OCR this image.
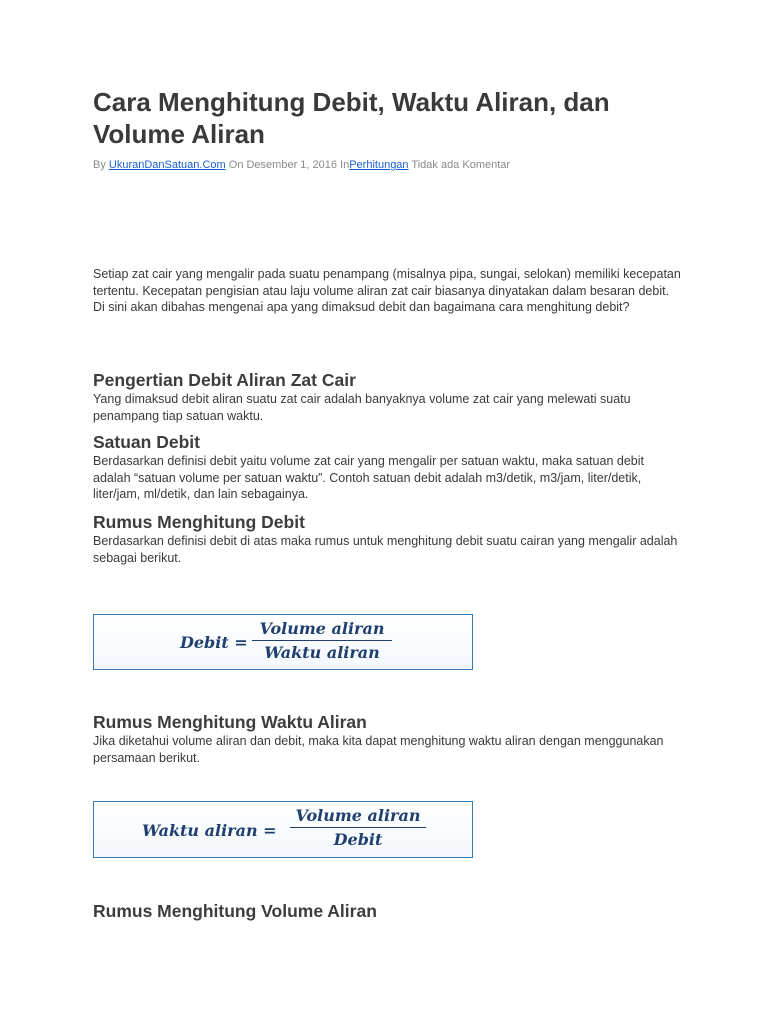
Cara Menghitung Debit, Waktu Aliran, dan Volume Aliran
By UkuranDanSatuan.Com On Desember 1, 2016 InPerhitungan Tidak ada Komentar

Setiap zat cair yang mengalir pada suatu penampang (misalnya pipa, sungai, selokan) memiliki kecepatan tertentu. Kecepatan pengisian atau laju volume aliran zat cair biasanya dinyatakan dalam besaran debit. Di sini akan dibahas mengenai apa yang dimaksud debit dan bagaimana cara menghitung debit?

Pengertian Debit Aliran Zat Cair

Yang dimaksud debit aliran suatu zat cair adalah banyaknya volume zat cair yang melewati suatu penampang tiap satuan waktu.

Satuan Debit

Berdasarkan definisi debit yaitu volume zat cair yang mengalir per satuan waktu, maka satuan debit adalah “satuan volume per satuan waktu”. Contoh satuan debit adalah m3/detik, m3/jam, liter/detik, liter/jam, ml/detik, dan lain sebagainya.

Rumus Menghitung Debit

Berdasarkan definisi debit di atas maka rumus untuk menghitung debit suatu cairan yang mengalir adalah sebagai berikut.

Debit =
Volume aliran
Waktu aliran
Rumus Menghitung Waktu Aliran

Jika diketahui volume aliran dan debit, maka kita dapat menghitung waktu aliran dengan menggunakan persamaan berikut.

Waktu aliran =
Volume aliran
Debit
Rumus Menghitung Volume Aliran
